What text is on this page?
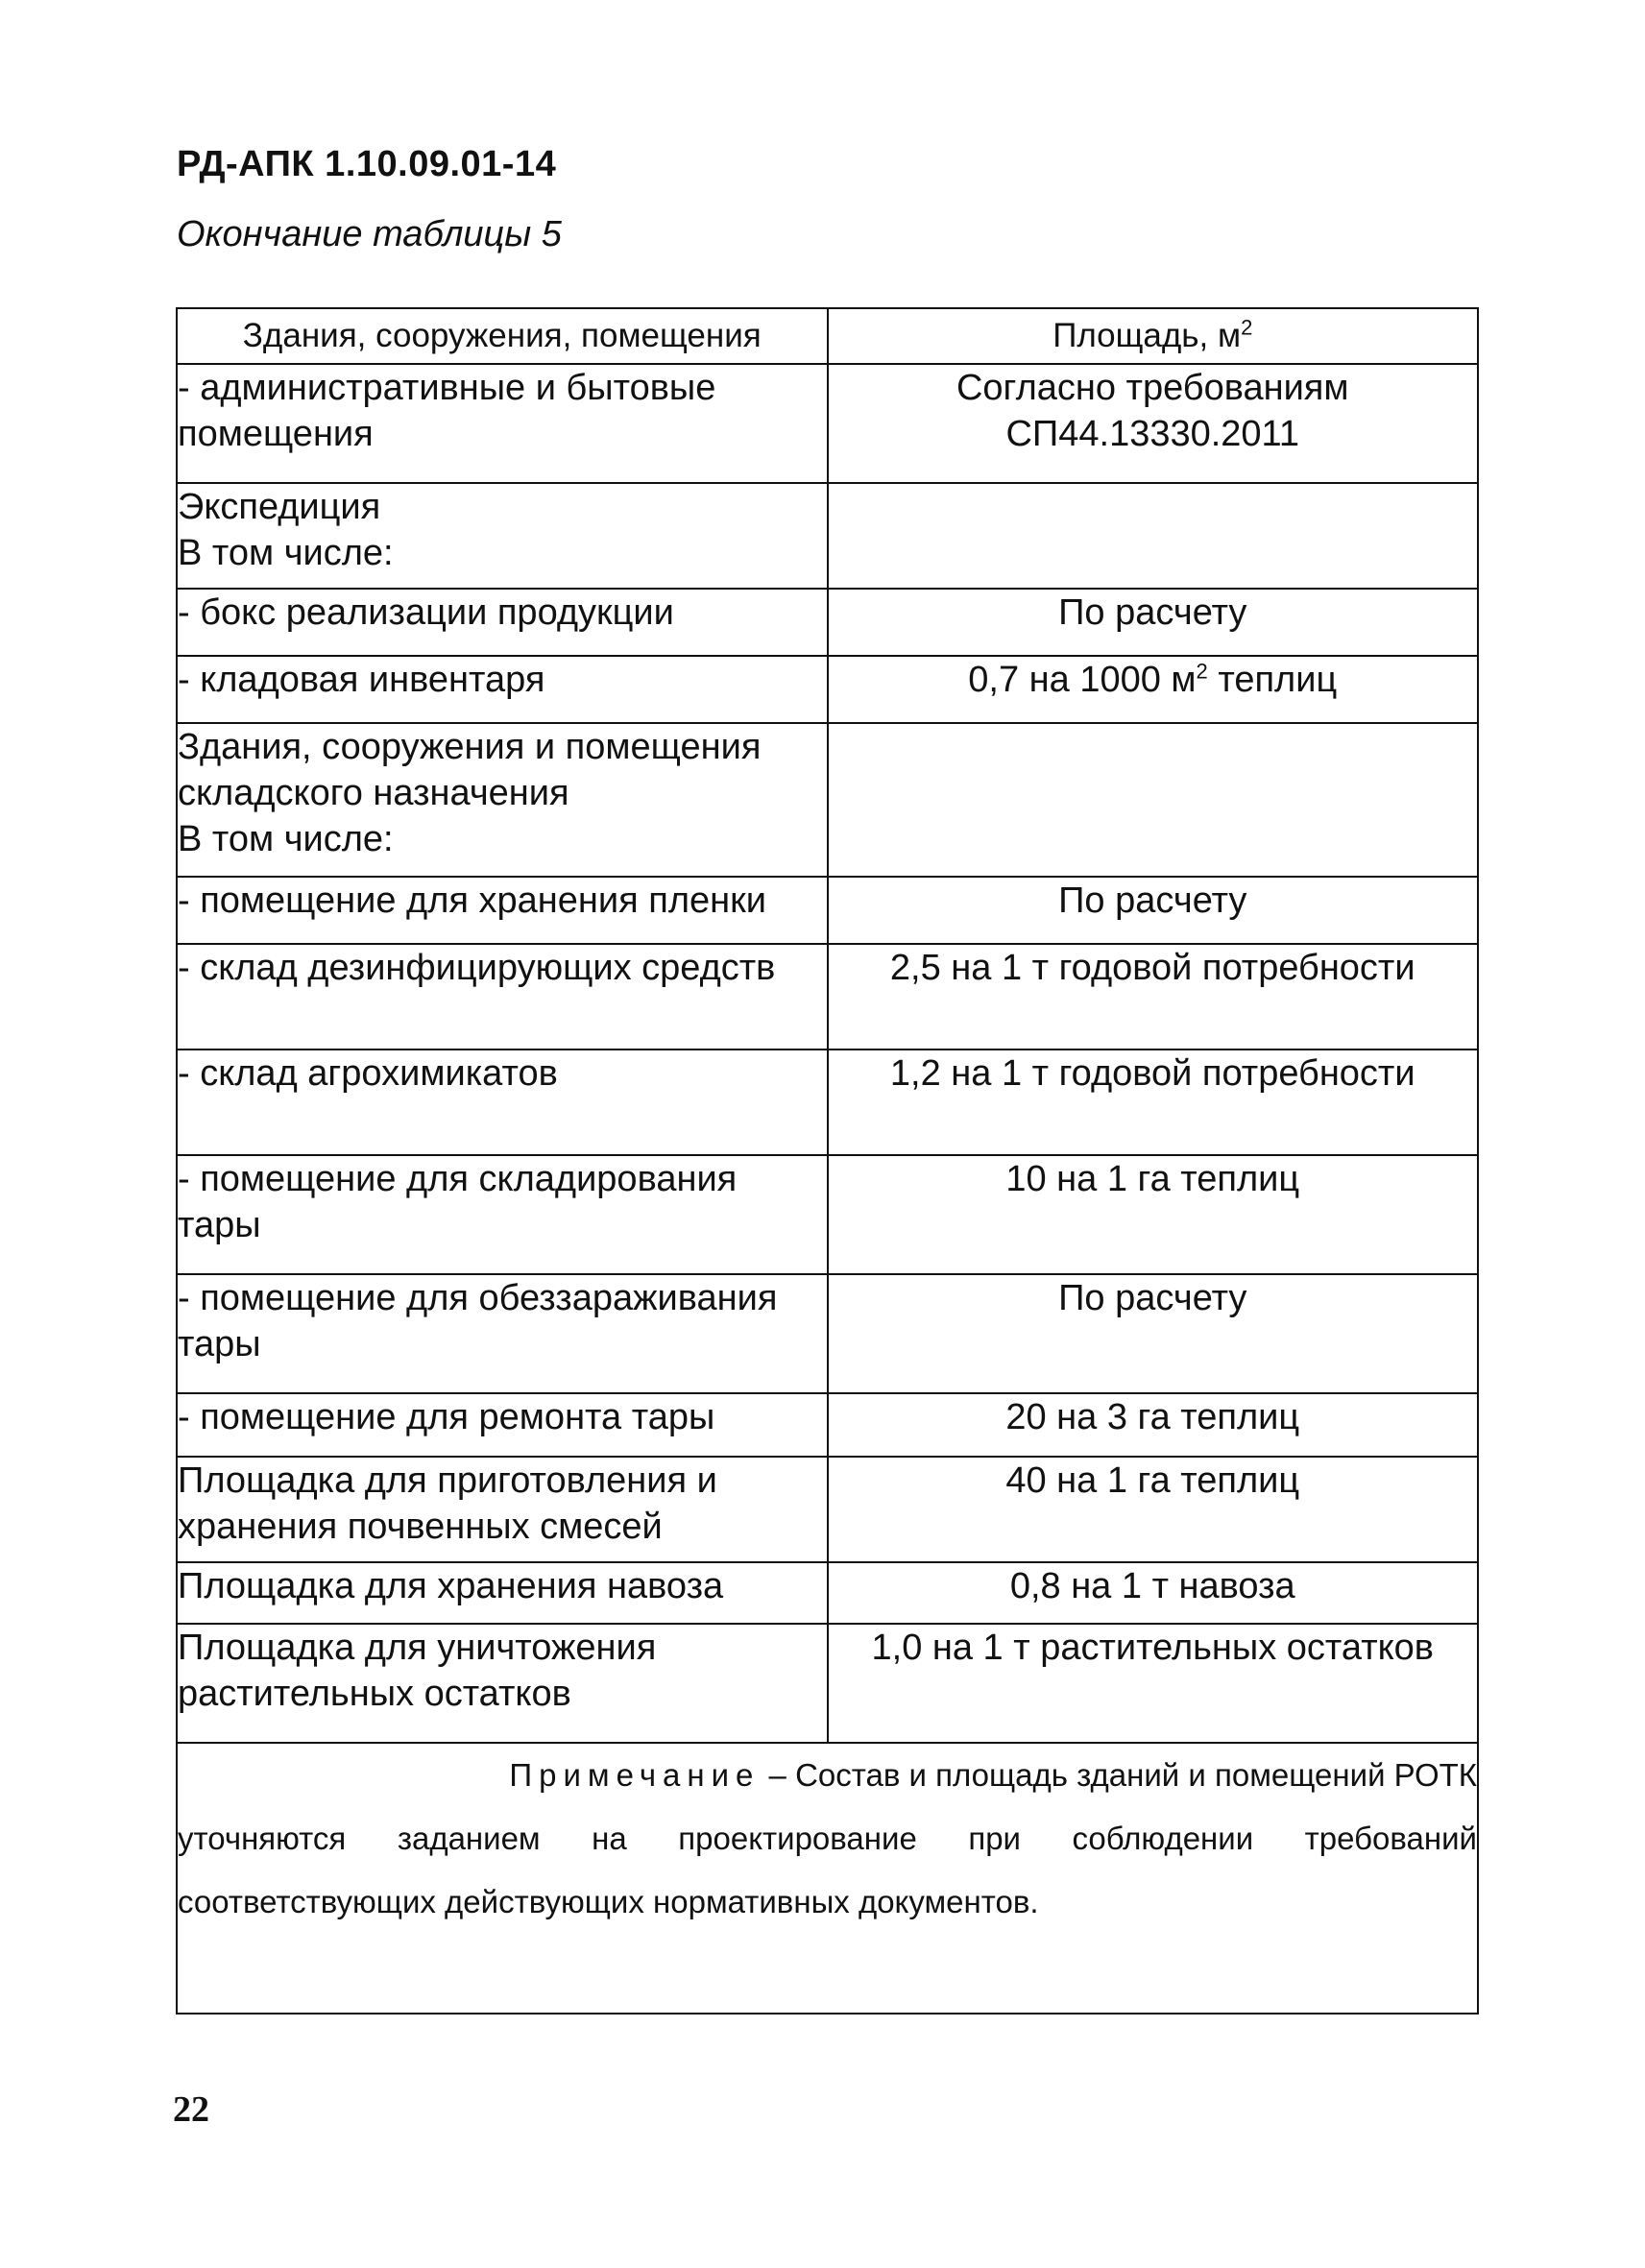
РД-АПК 1.10.09.01-14
Окончание таблицы 5
Здания, сооружения, помещения	Площадь, $м^2$
- административные и бытовые помещения	Согласно требованиям СП44.13330.2011

Экспедиция
В том числе:	

- бокс реализации продукции	По расчету
- кладовая инвентаря	0,7 на 1000 $м^2$ теплиц

Здания, сооружения и помещения
складского назначения
В том числе:	

- помещение для хранения пленки	По расчету
- склад дезинфицирующих средств	2,5 на 1 т годовой потребности
- склад агрохимикатов	1,2 на 1 т годовой потребности
- помещение для складирования тары	10 на 1 га теплиц
- помещение для обеззараживания тары	По расчету
- помещение для ремонта тары	20 на 3 га теплиц
Площадка для приготовления и хранения почвенных смесей	40 на 1 га теплиц
Площадка для хранения навоза	0,8 на 1 т навоза
Площадка для уничтожения растительных остатков	1,0 на 1 т растительных остатков

Примечание – Состав и площадь зданий и помещений РОТК
уточняются заданием на проектирование при соблюдении требований
соответствующих действующих нормативных документов.	
22
